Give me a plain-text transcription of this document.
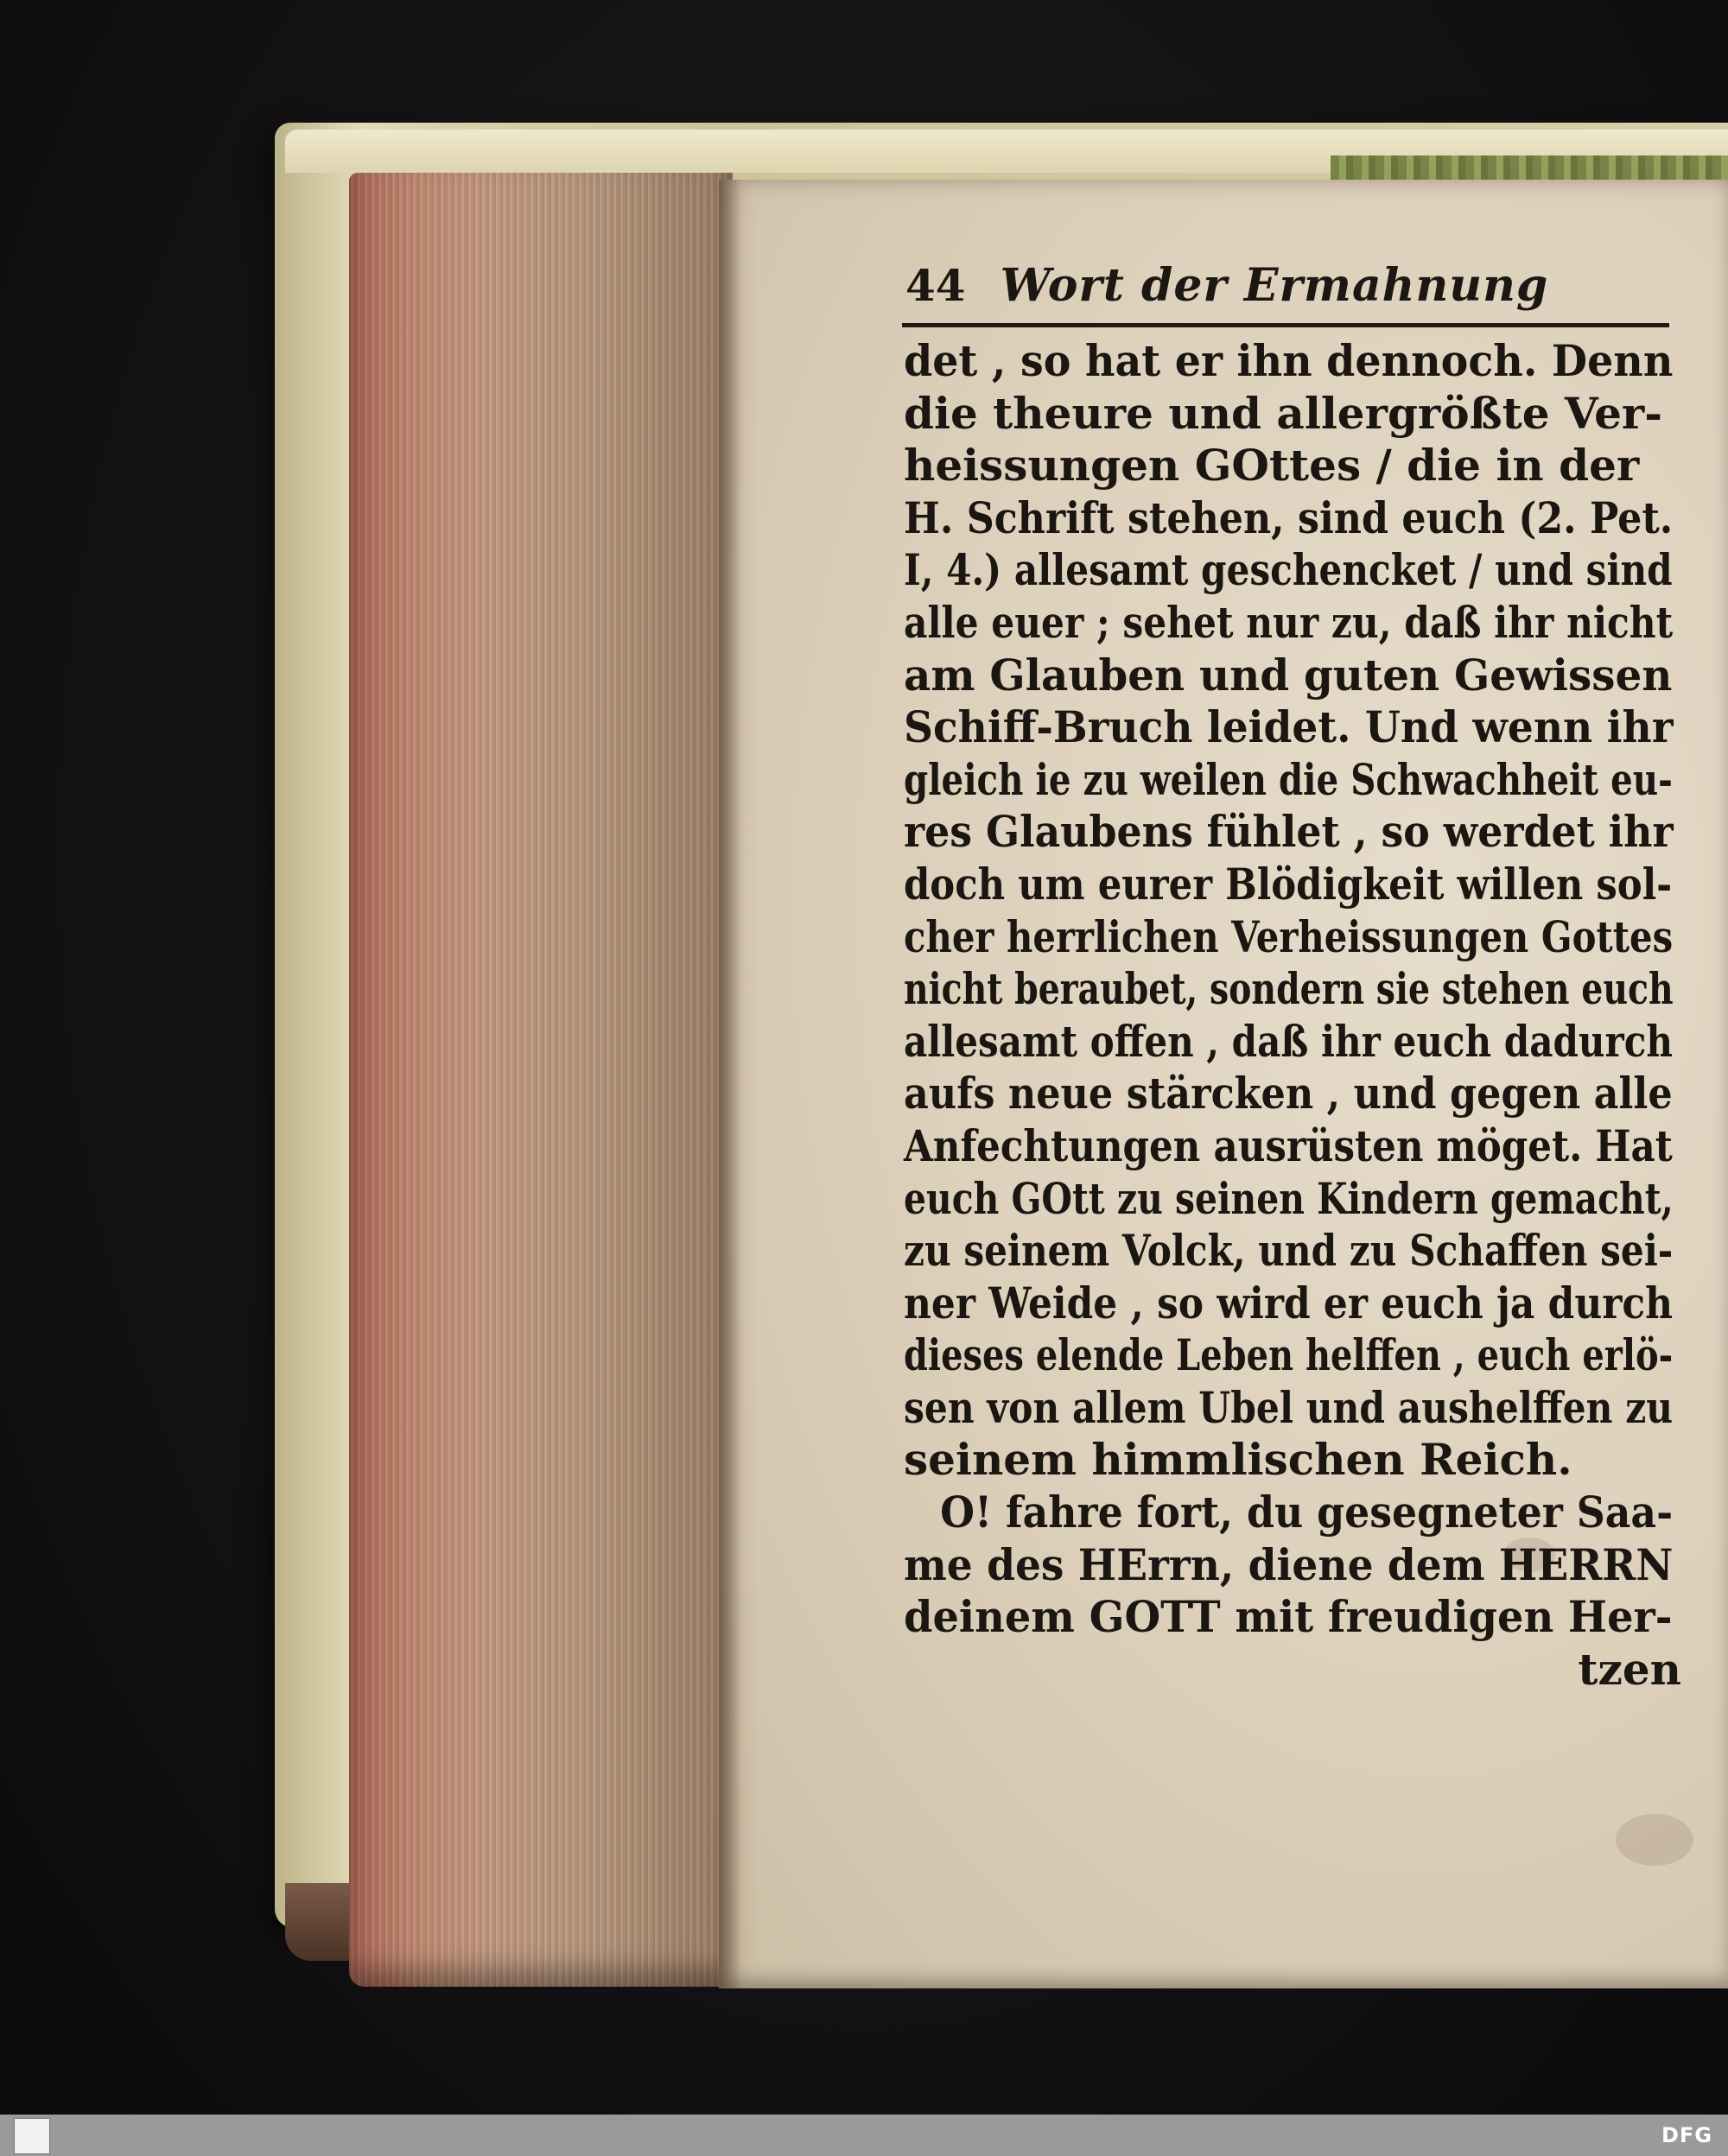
44 Wort der Ermahnung
det , so hat er ihn dennoch. Denn
die theure und allergrößte Ver-
heissungen GOttes / die in der
H. Schrift stehen, sind euch (2. Pet.
I, 4.) allesamt geschencket / und sind
alle euer ; sehet nur zu, daß ihr nicht
am Glauben und guten Gewissen
Schiff-Bruch leidet. Und wenn ihr
gleich ie zu weilen die Schwachheit eu-
res Glaubens fühlet , so werdet ihr
doch um eurer Blödigkeit willen sol-
cher herrlichen Verheissungen Gottes
nicht beraubet, sondern sie stehen euch
allesamt offen , daß ihr euch dadurch
aufs neue stärcken , und gegen alle
Anfechtungen ausrüsten möget. Hat
euch GOtt zu seinen Kindern gemacht,
zu seinem Volck, und zu Schaffen sei-
ner Weide , so wird er euch ja durch
dieses elende Leben helffen , euch erlö-
sen von allem Ubel und aushelffen zu
seinem himmlischen Reich.
O! fahre fort, du gesegneter Saa-
me des HErrn, diene dem HERRN
deinem GOTT mit freudigen Her-
tzen
DFG
